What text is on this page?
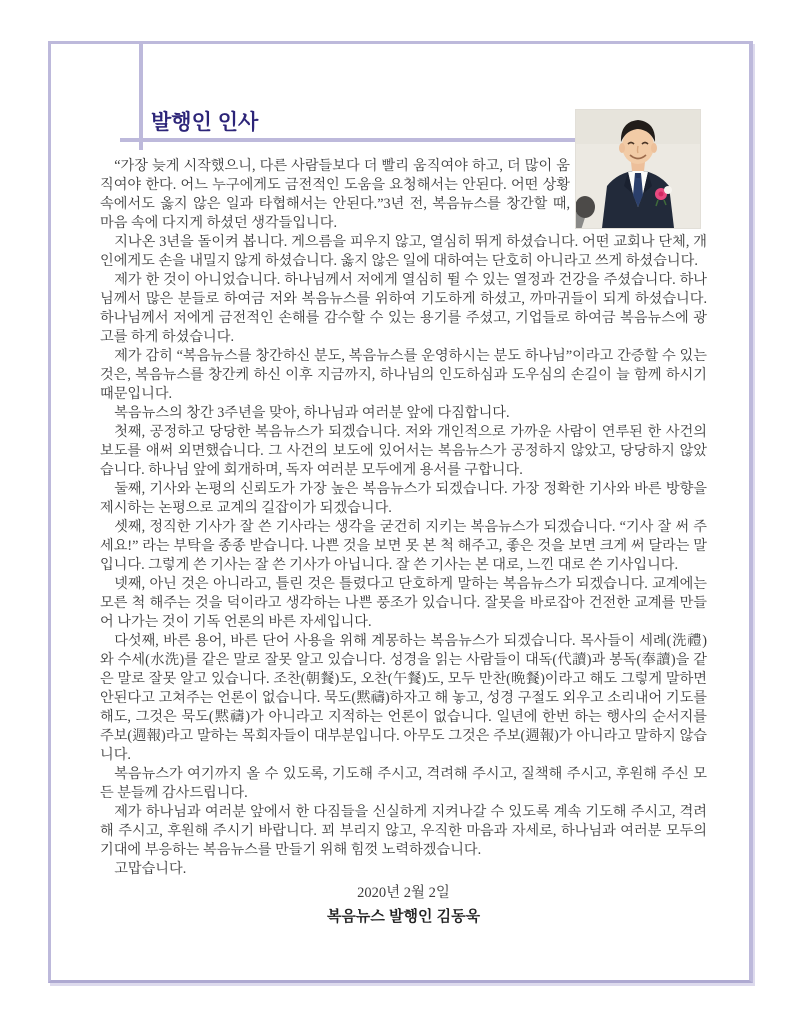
발행인 인사

“가장 늦게 시작했으니, 다른 사람들보다 더 빨리 움직여야 하고, 더 많이 움직여야 한다. 어느 누구에게도 금전적인 도움을 요청해서는 안된다. 어떤 상황 속에서도 옳지 않은 일과 타협해서는 안된다.”3년 전, 복음뉴스를 창간할 때, 마음 속에 다지게 하셨던 생각들입니다.

지나온 3년을 돌이켜 봅니다. 게으름을 피우지 않고, 열심히 뛰게 하셨습니다. 어떤 교회나 단체, 개인에게도 손을 내밀지 않게 하셨습니다. 옳지 않은 일에 대하여는 단호히 아니라고 쓰게 하셨습니다.

제가 한 것이 아니었습니다. 하나님께서 저에게 열심히 뛸 수 있는 열정과 건강을 주셨습니다. 하나님께서 많은 분들로 하여금 저와 복음뉴스를 위하여 기도하게 하셨고, 까마귀들이 되게 하셨습니다. 하나님께서 저에게 금전적인 손해를 감수할 수 있는 용기를 주셨고, 기업들로 하여금 복음뉴스에 광고를 하게 하셨습니다.

제가 감히 “복음뉴스를 창간하신 분도, 복음뉴스를 운영하시는 분도 하나님”이라고 간증할 수 있는 것은, 복음뉴스를 창간케 하신 이후 지금까지, 하나님의 인도하심과 도우심의 손길이 늘 함께 하시기 때문입니다.

복음뉴스의 창간 3주년을 맞아, 하나님과 여러분 앞에 다짐합니다.

첫째, 공정하고 당당한 복음뉴스가 되겠습니다. 저와 개인적으로 가까운 사람이 연루된 한 사건의 보도를 애써 외면했습니다. 그 사건의 보도에 있어서는 복음뉴스가 공정하지 않았고, 당당하지 않았습니다. 하나님 앞에 회개하며, 독자 여러분 모두에게 용서를 구합니다.

둘째, 기사와 논평의 신뢰도가 가장 높은 복음뉴스가 되겠습니다. 가장 정확한 기사와 바른 방향을 제시하는 논평으로 교계의 길잡이가 되겠습니다.

셋째, 정직한 기사가 잘 쓴 기사라는 생각을 굳건히 지키는 복음뉴스가 되겠습니다. “기사 잘 써 주세요!” 라는 부탁을 종종 받습니다. 나쁜 것을 보면 못 본 척 해주고, 좋은 것을 보면 크게 써 달라는 말입니다. 그렇게 쓴 기사는 잘 쓴 기사가 아닙니다. 잘 쓴 기사는 본 대로, 느낀 대로 쓴 기사입니다.

넷째, 아닌 것은 아니라고, 틀린 것은 틀렸다고 단호하게 말하는 복음뉴스가 되겠습니다. 교계에는 모른 척 해주는 것을 덕이라고 생각하는 나쁜 풍조가 있습니다. 잘못을 바로잡아 건전한 교계를 만들어 나가는 것이 기독 언론의 바른 자세입니다.

다섯째, 바른 용어, 바른 단어 사용을 위해 계몽하는 복음뉴스가 되겠습니다. 목사들이 세례(洗禮)와 수세(水洗)를 같은 말로 잘못 알고 있습니다. 성경을 읽는 사람들이 대독(代讀)과 봉독(奉讀)을 같은 말로 잘못 알고 있습니다. 조찬(朝餐)도, 오찬(午餐)도, 모두 만찬(晩餐)이라고 해도 그렇게 말하면 안된다고 고쳐주는 언론이 없습니다. 묵도(黙禱)하자고 해 놓고, 성경 구절도 외우고 소리내어 기도를 해도, 그것은 묵도(黙禱)가 아니라고 지적하는 언론이 없습니다. 일년에 한번 하는 행사의 순서지를 주보(週報)라고 말하는 목회자들이 대부분입니다. 아무도 그것은 주보(週報)가 아니라고 말하지 않습니다.

복음뉴스가 여기까지 올 수 있도록, 기도해 주시고, 격려해 주시고, 질책해 주시고, 후원해 주신 모든 분들께 감사드립니다.

제가 하나님과 여러분 앞에서 한 다짐들을 신실하게 지켜나갈 수 있도록 계속 기도해 주시고, 격려해 주시고, 후원해 주시기 바랍니다. 꾀 부리지 않고, 우직한 마음과 자세로, 하나님과 여러분 모두의 기대에 부응하는 복음뉴스를 만들기 위해 힘껏 노력하겠습니다.

고맙습니다.

2020년 2월 2일
복음뉴스 발행인 김동욱
